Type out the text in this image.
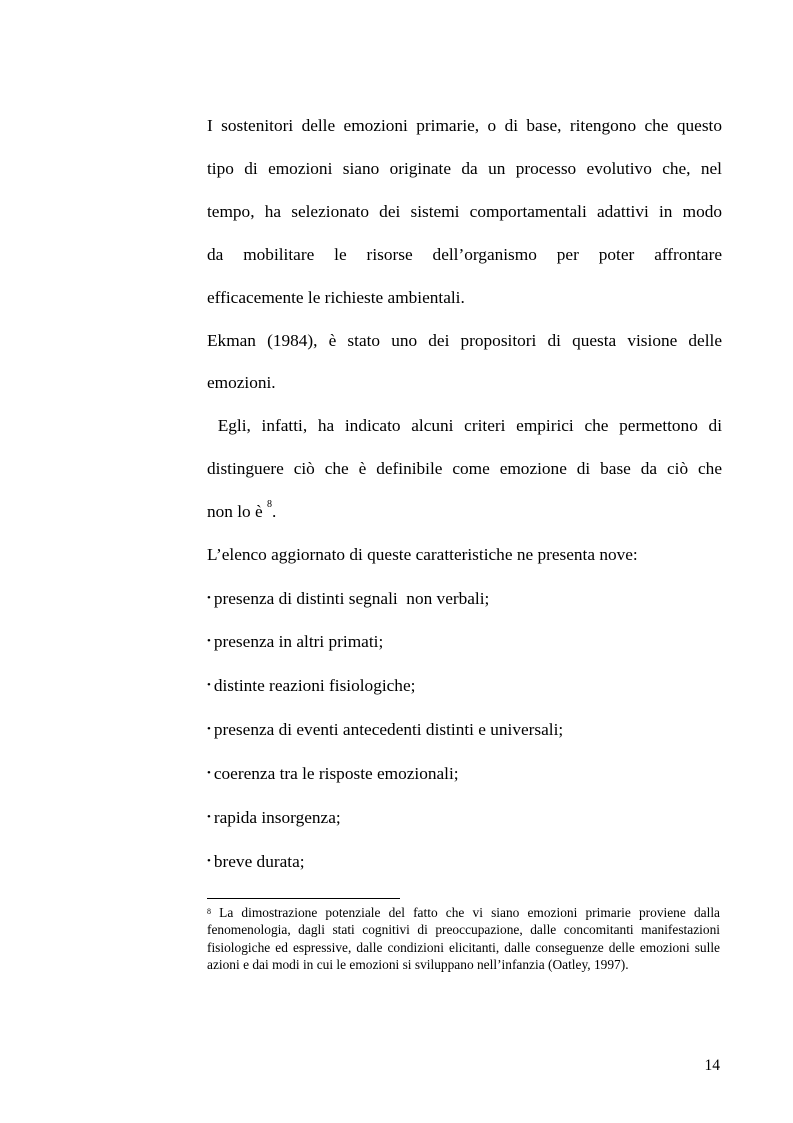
I sostenitori delle emozioni primarie, o di base, ritengono che questo

tipo di emozioni siano originate da un processo evolutivo che, nel

tempo, ha selezionato dei sistemi comportamentali adattivi in modo

da mobilitare le risorse dell’organismo per poter affrontare

efficacemente le richieste ambientali.

Ekman (1984), è stato uno dei propositori di questa visione delle

emozioni.

Egli, infatti, ha indicato alcuni criteri empirici che permettono di

distinguere ciò che è definibile come emozione di base da ciò che

non lo è $^8$.

L’elenco aggiornato di queste caratteristiche ne presenta nove:

• presenza di distinti segnali  non verbali;
• presenza in altri primati;
• distinte reazioni fisiologiche;
• presenza di eventi antecedenti distinti e universali;
• coerenza tra le risposte emozionali;
• rapida insorgenza;
• breve durata;

$^8$ La dimostrazione potenziale del fatto che vi siano emozioni primarie proviene dalla fenomenologia, dagli stati cognitivi di preoccupazione, dalle concomitanti manifestazioni fisiologiche ed espressive, dalle condizioni elicitanti, dalle conseguenze delle emozioni sulle azioni e dai modi in cui le emozioni si sviluppano nell’infanzia (Oatley, 1997).

14
